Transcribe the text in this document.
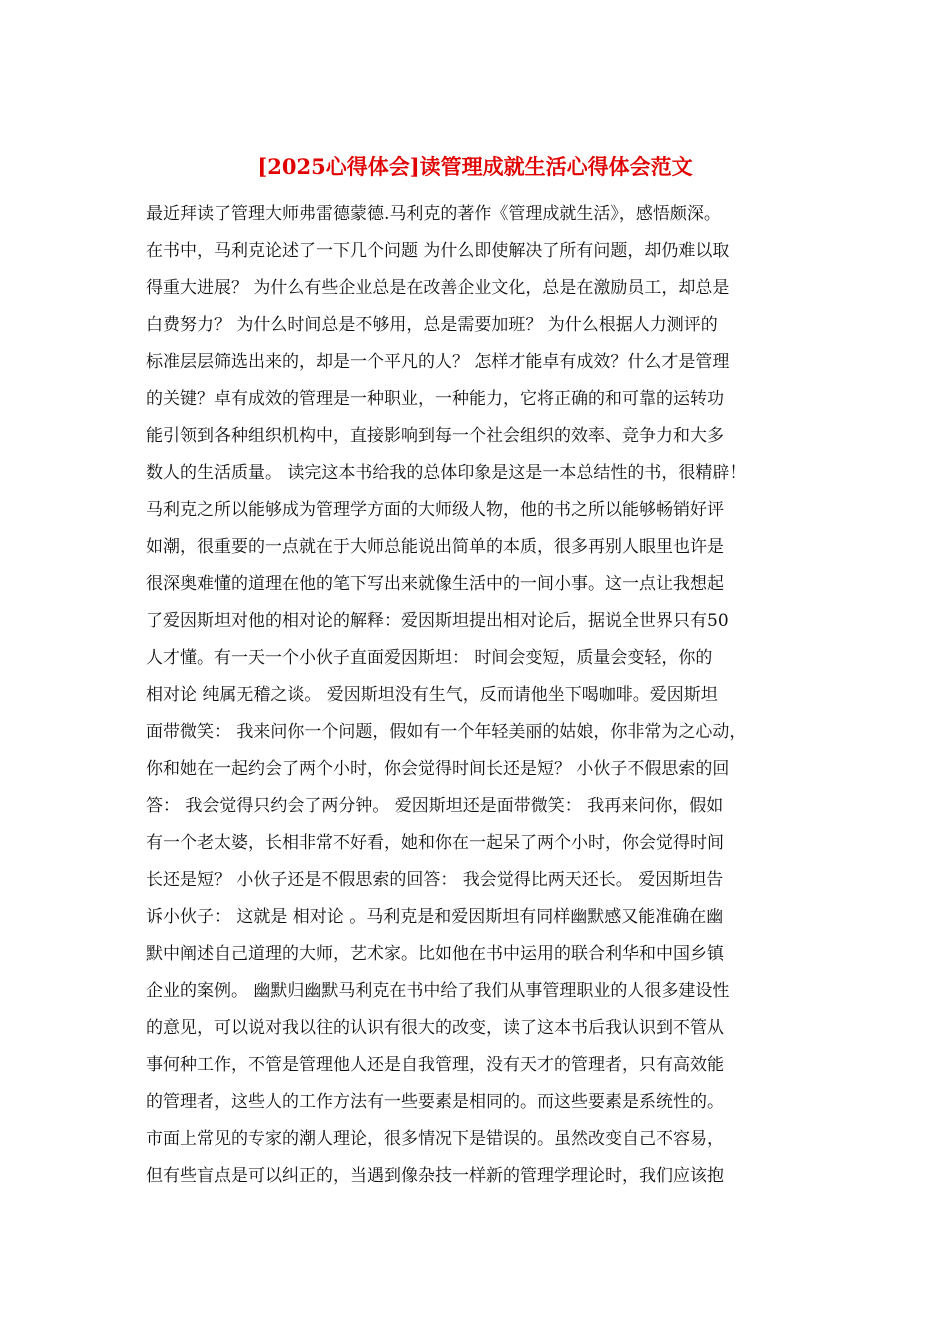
[2025心得体会]读管理成就生活心得体会范文
最近拜读了管理大师弗雷德蒙德.马利克的著作《管理成就生活》，感悟颇深。
在书中，马利克论述了一下几个问题 为什么即使解决了所有问题，却仍难以取
得重大进展？ 为什么有些企业总是在改善企业文化，总是在激励员工，却总是
白费努力？ 为什么时间总是不够用，总是需要加班？ 为什么根据人力测评的
标准层层筛选出来的，却是一个平凡的人？ 怎样才能卓有成效？什么才是管理
的关键？卓有成效的管理是一种职业，一种能力，它将正确的和可靠的运转功
能引领到各种组织机构中，直接影响到每一个社会组织的效率、竞争力和大多
数人的生活质量。 读完这本书给我的总体印象是这是一本总结性的书，很精辟！
马利克之所以能够成为管理学方面的大师级人物，他的书之所以能够畅销好评
如潮，很重要的一点就在于大师总能说出简单的本质，很多再别人眼里也许是
很深奥难懂的道理在他的笔下写出来就像生活中的一间小事。这一点让我想起
了爱因斯坦对他的相对论的解释：爱因斯坦提出相对论后，据说全世界只有50
人才懂。有一天一个小伙子直面爱因斯坦： 时间会变短，质量会变轻，你的
相对论 纯属无稽之谈。 爱因斯坦没有生气，反而请他坐下喝咖啡。爱因斯坦
面带微笑： 我来问你一个问题，假如有一个年轻美丽的姑娘，你非常为之心动，
你和她在一起约会了两个小时，你会觉得时间长还是短？ 小伙子不假思索的回
答： 我会觉得只约会了两分钟。 爱因斯坦还是面带微笑： 我再来问你，假如
有一个老太婆，长相非常不好看，她和你在一起呆了两个小时，你会觉得时间
长还是短？ 小伙子还是不假思索的回答： 我会觉得比两天还长。 爱因斯坦告
诉小伙子： 这就是 相对论 。马利克是和爱因斯坦有同样幽默感又能准确在幽
默中阐述自己道理的大师，艺术家。比如他在书中运用的联合利华和中国乡镇
企业的案例。 幽默归幽默马利克在书中给了我们从事管理职业的人很多建设性
的意见，可以说对我以往的认识有很大的改变，读了这本书后我认识到不管从
事何种工作，不管是管理他人还是自我管理，没有天才的管理者，只有高效能
的管理者，这些人的工作方法有一些要素是相同的。而这些要素是系统性的。
市面上常见的专家的潮人理论，很多情况下是错误的。虽然改变自己不容易，
但有些盲点是可以纠正的，当遇到像杂技一样新的管理学理论时，我们应该抱
